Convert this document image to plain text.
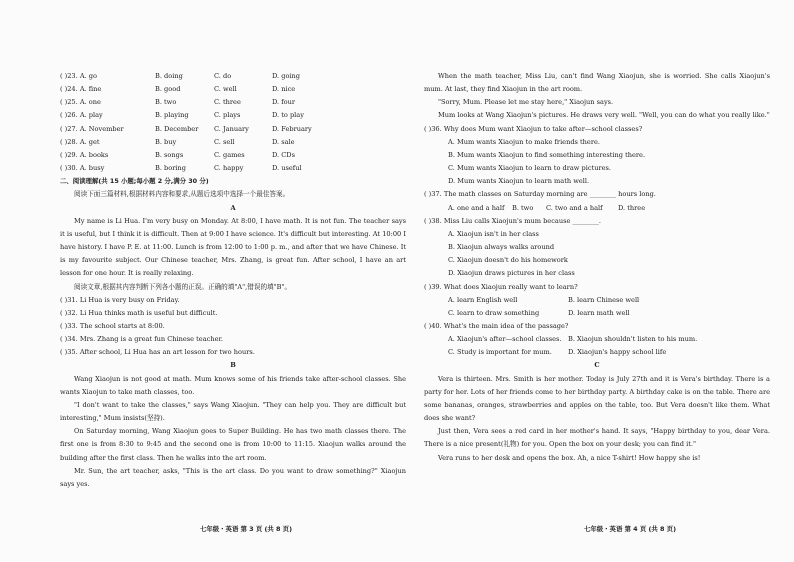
( )23. A. go	B. doing	C. do	D. going
( )24. A. fine	B. good	C. well	D. nice
( )25. A. one	B. two	C. three	D. four
( )26. A. play	B. playing	C. plays	D. to play
( )27. A. November	B. December	C. January	D. February
( )28. A. get	B. buy	C. sell	D. sale
( )29. A. books	B. songs	C. games	D. CDs
( )30. A. busy	B. boring	C. happy	D. useful
二、阅读理解(共 15 小题;每小题 2 分,满分 30 分)

阅读下面三篇材料,根据材料内容和要求,从题后选项中选择一个最佳答案。

A

My name is Li Hua. I'm very busy on Monday. At 8:00, I have math. It is not fun. The teacher says it is useful, but I think it is difficult. Then at 9:00 I have science. It's difficult but interesting. At 10:00 I have history. I have P. E. at 11:00. Lunch is from 12:00 to 1:00 p. m., and after that we have Chinese. It is my favourite subject. Our Chinese teacher, Mrs. Zhang, is great fun. After school, I have an art lesson for one hour. It is really relaxing.

阅读文章,根据其内容判断下列各小题的正误。正确的填"A",错误的填"B"。

( )31. Li Hua is very busy on Friday.
( )32. Li Hua thinks math is useful but difficult.
( )33. The school starts at 8:00.
( )34. Mrs. Zhang is a great fun Chinese teacher.
( )35. After school, Li Hua has an art lesson for two hours.
B

Wang Xiaojun is not good at math. Mum knows some of his friends take after-school classes. She wants Xiaojun to take math classes, too.

"I don't want to take the classes," says Wang Xiaojun. "They can help you. They are difficult but interesting," Mum insists(坚持).

On Saturday morning, Wang Xiaojun goes to Super Building. He has two math classes there. The first one is from 8:30 to 9:45 and the second one is from 10:00 to 11:15. Xiaojun walks around the building after the first class. Then he walks into the art room.

Mr. Sun, the art teacher, asks, "This is the art class. Do you want to draw something?" Xiaojun says yes.

When the math teacher, Miss Liu, can't find Wang Xiaojun, she is worried. She calls Xiaojun's mum. At last, they find Xiaojun in the art room.

"Sorry, Mum. Please let me stay here," Xiaojun says.

Mum looks at Wang Xiaojun's pictures. He draws very well. "Well, you can do what you really like."

( )36. Why does Mum want Xiaojun to take after—school classes?
A. Mum wants Xiaojun to make friends there.
B. Mum wants Xiaojun to find something interesting there.
C. Mum wants Xiaojun to learn to draw pictures.
D. Mum wants Xiaojun to learn math well.
( )37. The math classes on Saturday morning are ________ hours long.
A. one and a half	B. two	C. two and a half	D. three
( )38. Miss Liu calls Xiaojun's mum because ________.
A. Xiaojun isn't in her class
B. Xiaojun always walks around
C. Xiaojun doesn't do his homework
D. Xiaojun draws pictures in her class
( )39. What does Xiaojun really want to learn?
A. learn English well	B. learn Chinese well
C. learn to draw something	D. learn math well
( )40. What's the main idea of the passage?
A. Xiaojun's after—school classes. B. Xiaojun shouldn't listen to his mum.
C. Study is important for mum.	D. Xiaojun's happy school life
C

Vera is thirteen. Mrs. Smith is her mother. Today is July 27th and it is Vera's birthday. There is a party for her. Lots of her friends come to her birthday party. A birthday cake is on the table. There are some bananas, oranges, strawberries and apples on the table, too. But Vera doesn't like them. What does she want?

Just then, Vera sees a red card in her mother's hand. It says, "Happy birthday to you, dear Vera. There is a nice present(礼物) for you. Open the box on your desk; you can find it."

Vera runs to her desk and opens the box. Ah, a nice T-shirt! How happy she is!

七年级・英语 第 3 页 (共 8 页)	七年级・英语 第 4 页 (共 8 页)
